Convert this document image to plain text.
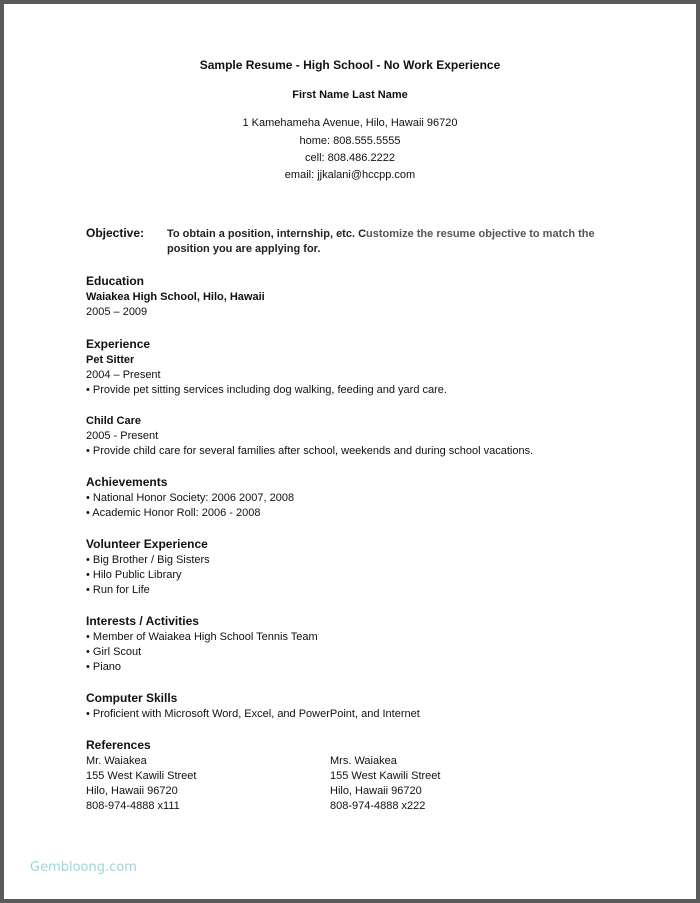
Sample Resume - High School - No Work Experience
First Name Last Name
1 Kamehameha Avenue, Hilo, Hawaii 96720
home: 808.555.5555
cell: 808.486.2222
email: jjkalani@hccpp.com
Objective: To obtain a position, internship, etc. Customize the resume objective to match the
position you are applying for.
Education
Waiakea High School, Hilo, Hawaii
2005 – 2009
Experience
Pet Sitter
2004 – Present
• Provide pet sitting services including dog walking, feeding and yard care.
Child Care
2005 - Present
• Provide child care for several families after school, weekends and during school vacations.
Achievements
• National Honor Society: 2006 2007, 2008
• Academic Honor Roll: 2006 - 2008
Volunteer Experience
• Big Brother / Big Sisters
• Hilo Public Library
• Run for Life
Interests / Activities
• Member of Waiakea High School Tennis Team
• Girl Scout
• Piano
Computer Skills
• Proficient with Microsoft Word, Excel, and PowerPoint, and Internet
References
Mr. Waiakea
155 West Kawili Street
Hilo, Hawaii 96720
808-974-4888 x111
Mrs. Waiakea
155 West Kawili Street
Hilo, Hawaii 96720
808-974-4888 x222
Gembloong.com
